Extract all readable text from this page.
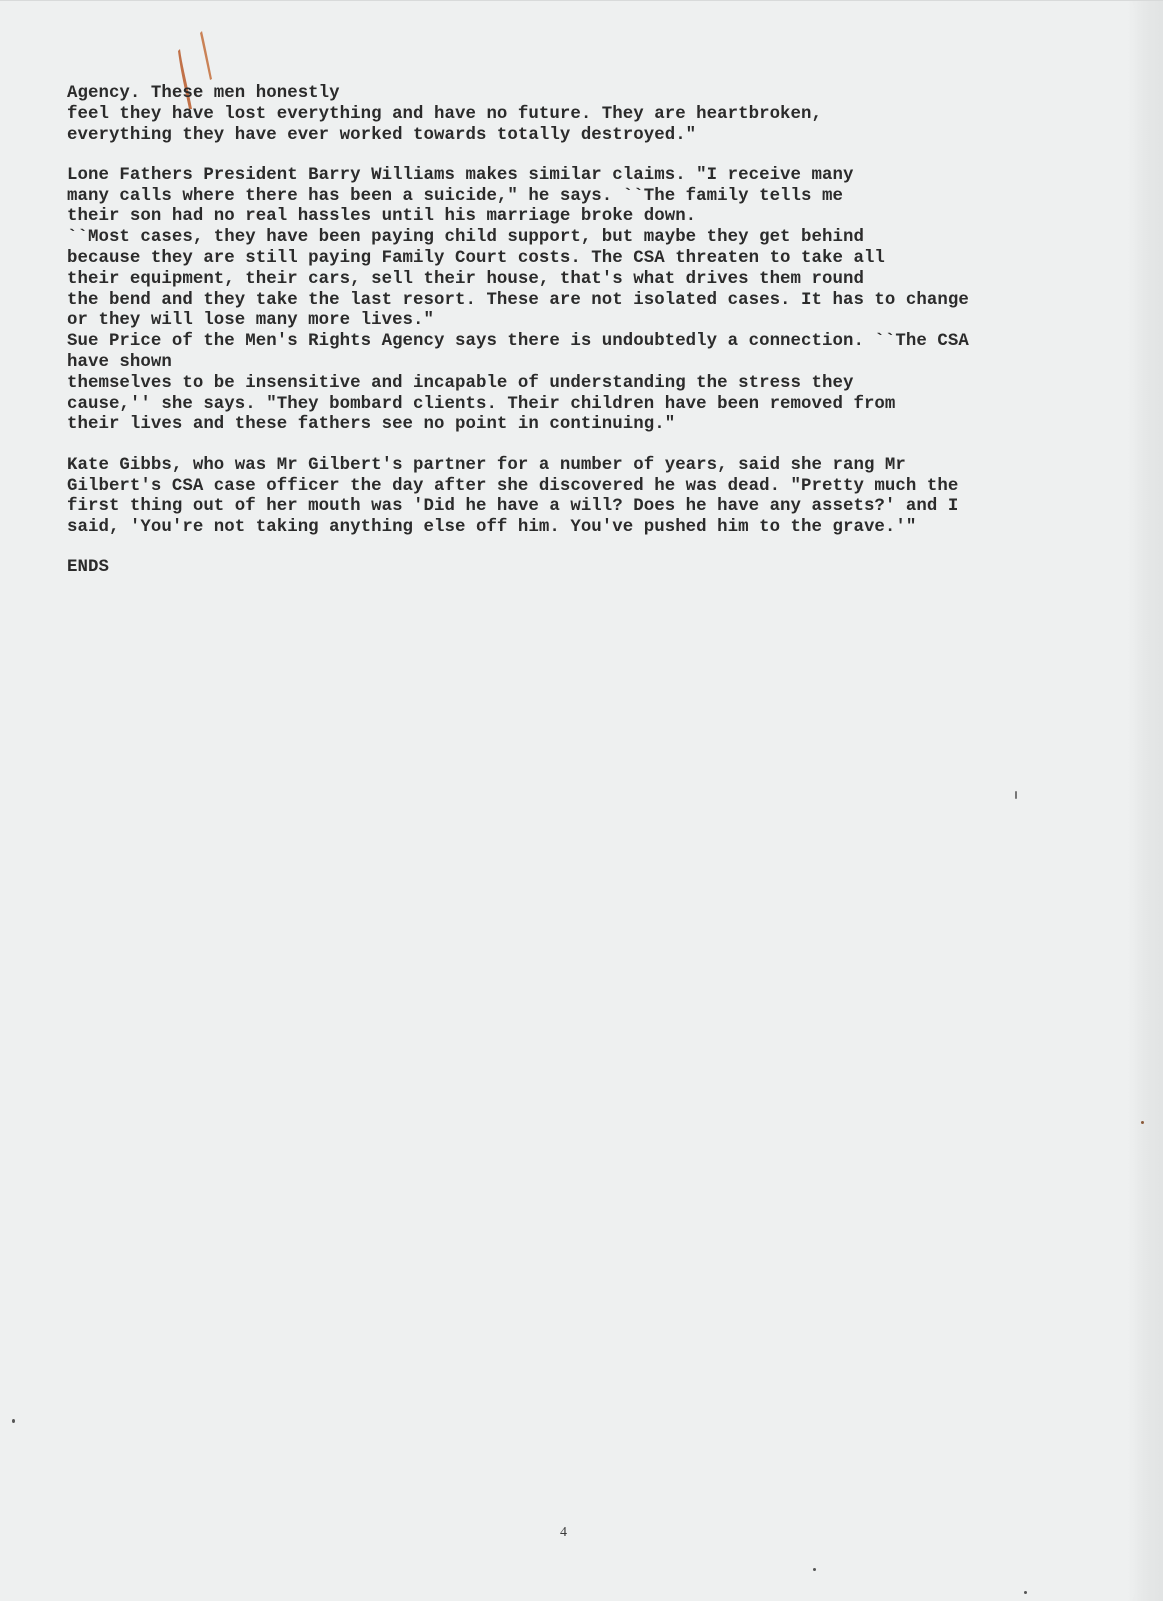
Agency. These men honestly
feel they have lost everything and have no future. They are heartbroken,
everything they have ever worked towards totally destroyed."
Lone Fathers President Barry Williams makes similar claims. "I receive many
many calls where there has been a suicide," he says. ``The family tells me
their son had no real hassles until his marriage broke down.
``Most cases, they have been paying child support, but maybe they get behind
because they are still paying Family Court costs. The CSA threaten to take all
their equipment, their cars, sell their house, that's what drives them round
the bend and they take the last resort. These are not isolated cases. It has to change
or they will lose many more lives."
Sue Price of the Men's Rights Agency says there is undoubtedly a connection. ``The CSA
have shown
themselves to be insensitive and incapable of understanding the stress they
cause,'' she says. "They bombard clients. Their children have been removed from
their lives and these fathers see no point in continuing."
Kate Gibbs, who was Mr Gilbert's partner for a number of years, said she rang Mr
Gilbert's CSA case officer the day after she discovered he was dead. "Pretty much the
first thing out of her mouth was 'Did he have a will? Does he have any assets?' and I
said, 'You're not taking anything else off him. You've pushed him to the grave.'"
ENDS
4
